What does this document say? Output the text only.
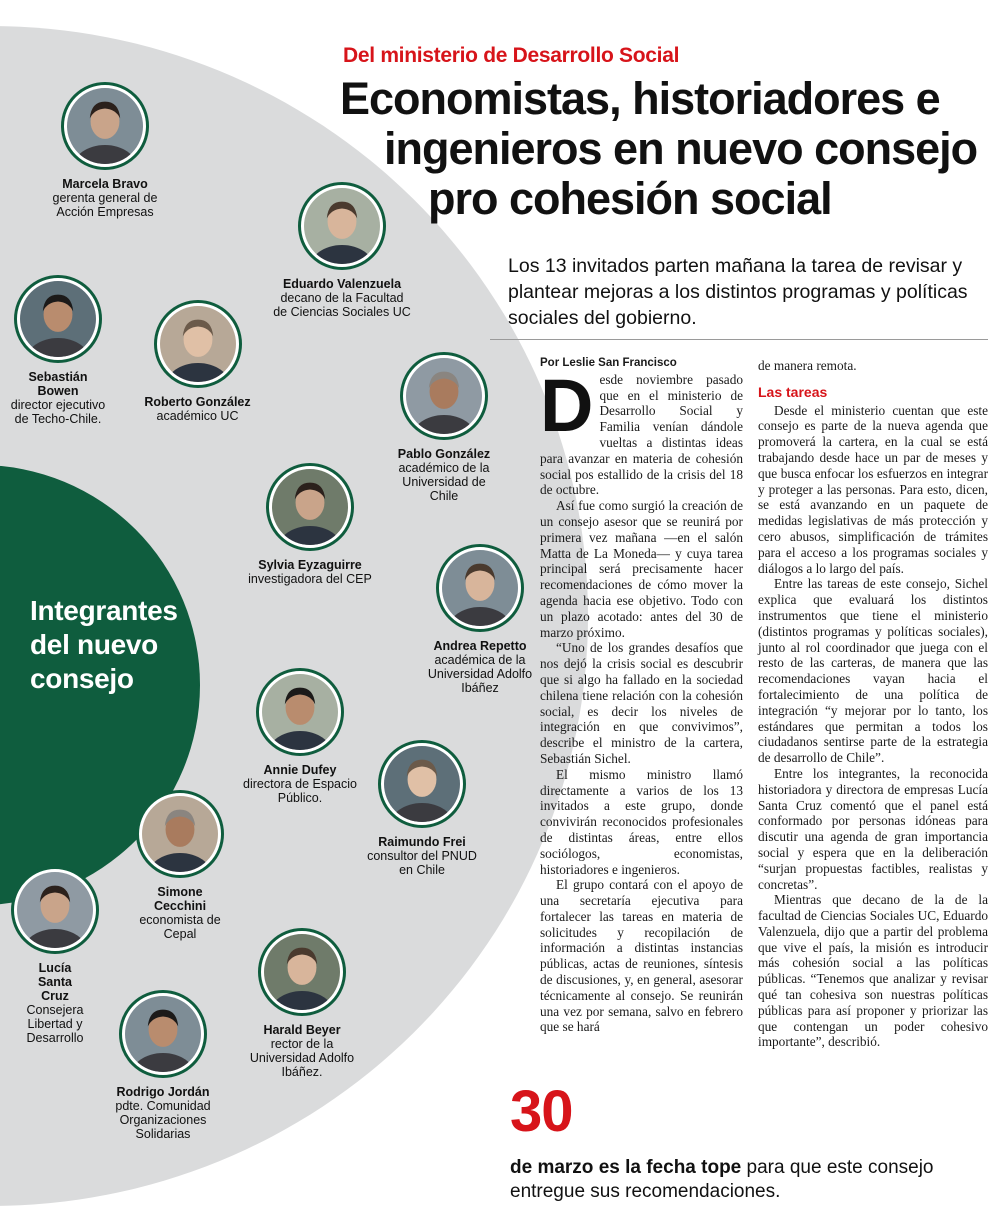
Integrantes del nuevo consejo
Del ministerio de Desarrollo Social
Economistas, historiadores e
ingenieros en nuevo consejo
pro cohesión social
Los 13 invitados parten mañana la tarea de revisar y plantear mejoras a los distintos programas y políticas sociales del gobierno.
Marcela Bravo
gerenta general de Acción Empresas
Eduardo Valenzuela
decano de la Facultad de Ciencias Sociales UC
Sebastián Bowen
director ejecutivo de Techo-Chile.
Roberto González
académico UC
Pablo González
académico de la Universidad de Chile
Sylvia Eyzaguirre
investigadora del CEP
Andrea Repetto
académica de la Universidad Adolfo Ibáñez
Annie Dufey
directora de Espacio Público.
Raimundo Frei
consultor del PNUD en Chile
Simone Cecchini
economista de Cepal
Lucía Santa Cruz
Consejera Libertad y Desarrollo
Harald Beyer
rector de la Universidad Adolfo Ibáñez.
Rodrigo Jordán
pdte. Comunidad Organizaciones Solidarias

Por Leslie San Francisco

Desde noviembre pasado que en el ministerio de Desarrollo Social y Familia venían dándole vueltas a distintas ideas para avanzar en materia de cohesión social pos estallido de la crisis del 18 de octubre.

Así fue como surgió la creación de un consejo asesor que se reunirá por primera vez mañana —en el salón Matta de La Moneda— y cuya tarea principal será precisamente hacer recomendaciones de cómo mover la agenda hacia ese objetivo. Todo con un plazo acotado: antes del 30 de marzo próximo.

“Uno de los grandes desafíos que nos dejó la crisis social es descubrir que si algo ha fallado en la sociedad chilena tiene relación con la cohesión social, es decir los niveles de integración en que convivimos”, describe el ministro de la cartera, Sebastián Sichel.

El mismo ministro llamó directamente a varios de los 13 invitados a este grupo, donde convivirán reconocidos profesionales de distintas áreas, entre ellos sociólogos, economistas, historiadores e ingenieros.

El grupo contará con el apoyo de una secretaría ejecutiva para fortalecer las tareas en materia de solicitudes y recopilación de información a distintas instancias públicas, actas de reuniones, síntesis de discusiones, y, en general, asesorar técnicamente al consejo. Se reunirán una vez por semana, salvo en febrero que se hará

de manera remota.

Las tareas

Desde el ministerio cuentan que este consejo es parte de la nueva agenda que promoverá la cartera, en la cual se está trabajando desde hace un par de meses y que busca enfocar los esfuerzos en integrar y proteger a las personas. Para esto, dicen, se está avanzando en un paquete de medidas legislativas de más protección y cero abusos, simplificación de trámites para el acceso a los programas sociales y diálogos a lo largo del país.

Entre las tareas de este consejo, Sichel explica que evaluará los distintos instrumentos que tiene el ministerio (distintos programas y políticas sociales), junto al rol coordinador que juega con el resto de las carteras, de manera que las recomendaciones vayan hacia el fortalecimiento de una política de integración “y mejorar por lo tanto, los estándares que permitan a todos los ciudadanos sentirse parte de la estrategia de desarrollo de Chile”.

Entre los integrantes, la reconocida historiadora y directora de empresas Lucía Santa Cruz comentó que el panel está conformado por personas idóneas para discutir una agenda de gran importancia social y espera que en la deliberación “surjan propuestas factibles, realistas y concretas”.

Mientras que decano de la de la facultad de Ciencias Sociales UC, Eduardo Valenzuela, dijo que a partir del problema que vive el país, la misión es introducir más cohesión social a las políticas públicas. “Tenemos que analizar y revisar qué tan cohesiva son nuestras políticas públicas para así proponer y priorizar las que contengan un poder cohesivo importante”, describió.

30
de marzo es la fecha tope para que este consejo entregue sus recomendaciones.
